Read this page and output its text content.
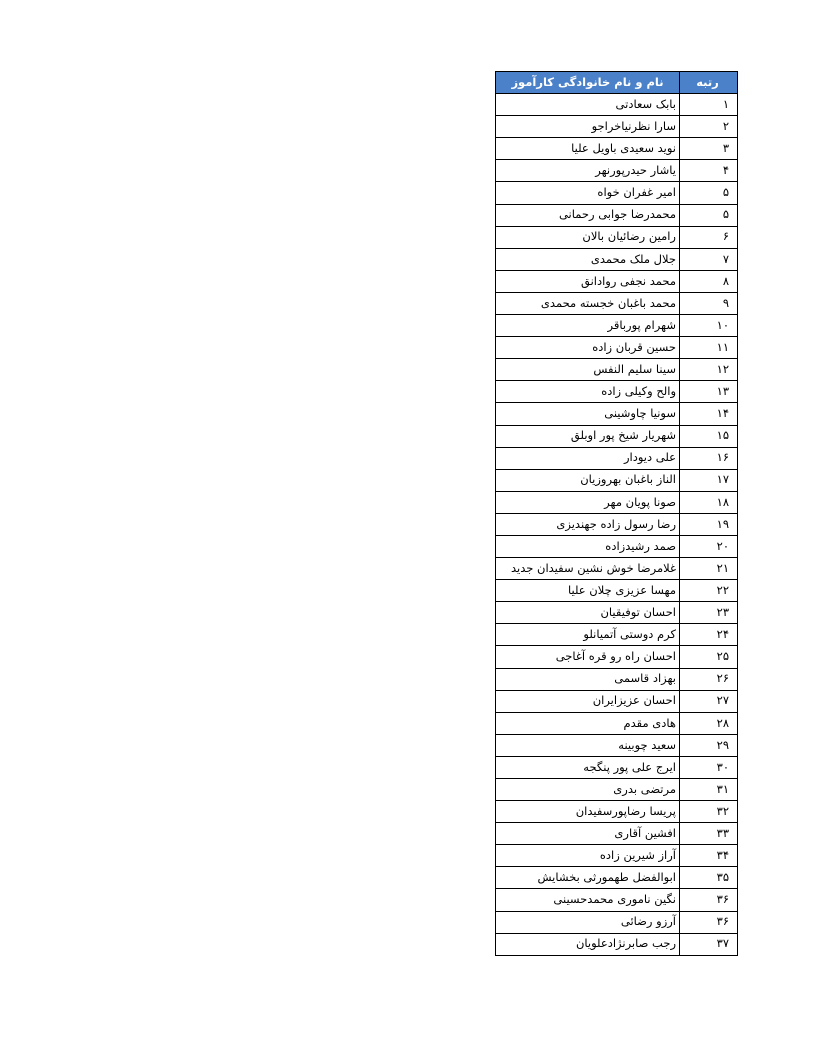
رتبه	نام و نام خانوادگی کارآموز
۱	بابک سعادتی
۲	سارا نظرنیاخراجو
۳	نوید سعیدی باویل علیا
۴	یاشار حیدرپورنهر
۵	امیر غفران خواه
۵	محمدرضا جوابی رحمانی
۶	رامین رضائیان بالان
۷	جلال ملک محمدی
۸	محمد نجفی روادانق
۹	محمد باغبان خجسته محمدی
۱۰	شهرام پورباقر
۱۱	حسین قربان زاده
۱۲	سینا سلیم النفس
۱۳	والح وکیلی زاده
۱۴	سونیا چاوشینی
۱۵	شهریار شیخ پور اوبلق
۱۶	علی دیودار
۱۷	الناز باغبان بهروزیان
۱۸	صونا پویان مهر
۱۹	رضا رسول زاده جهندیزی
۲۰	صمد رشیدزاده
۲۱	غلامرضا خوش نشین سفیدان جدید
۲۲	مهسا عزیزی چلان علیا
۲۳	احسان توفیقیان
۲۴	کرم دوستی آتمیانلو
۲۵	احسان راه رو قره آغاجی
۲۶	بهزاد قاسمی
۲۷	احسان عزیزایران
۲۸	هادی مقدم
۲۹	سعید چوبینه
۳۰	ایرج علی پور پنگجه
۳۱	مرتضی بدری
۳۲	پریسا رضاپورسفیدان
۳۳	افشین آقاری
۳۴	آراز شیرین زاده
۳۵	ابوالفضل طهمورثی بخشایش
۳۶	نگین ناموری محمدحسینی
۳۶	آرزو رضائی
۳۷	رجب صابرنژادعلویان
